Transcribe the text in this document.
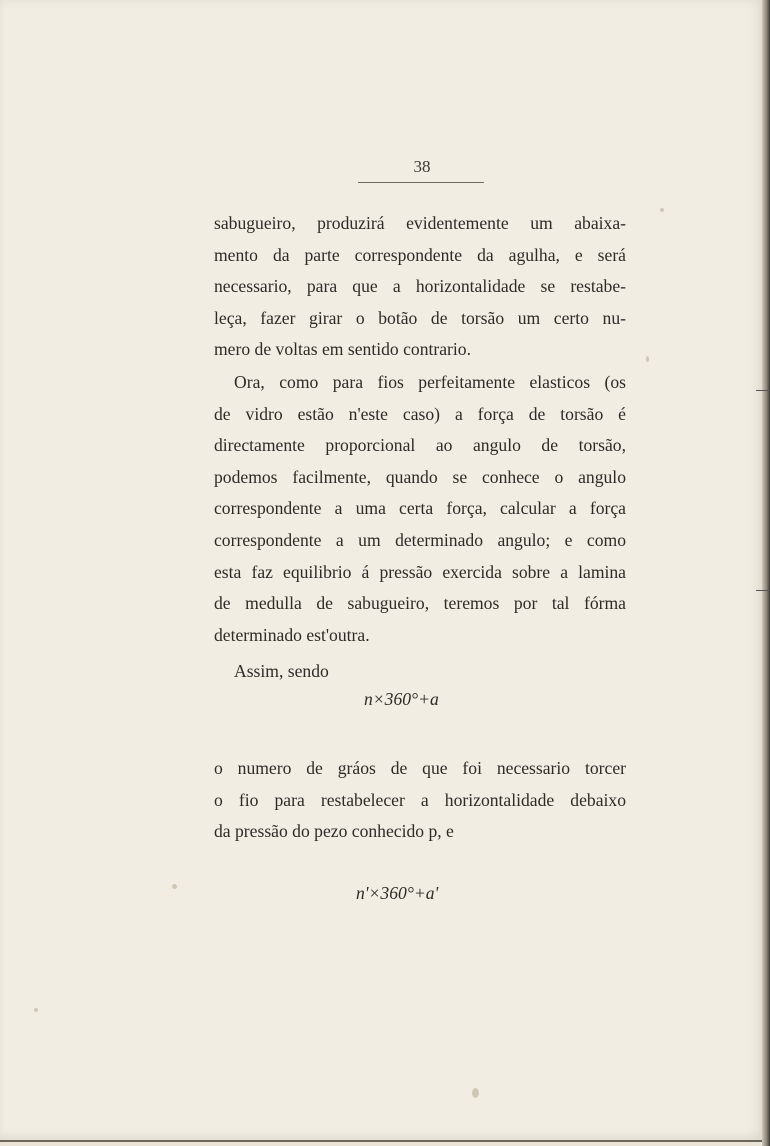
38

sabugueiro, produzirá evidentemente um abaixa-
mento da parte correspondente da agulha, e será
necessario, para que a horizontalidade se restabe-
leça, fazer girar o botão de torsão um certo nu-
mero de voltas em sentido contrario.
Ora, como para fios perfeitamente elasticos (os
de vidro estão n'este caso) a força de torsão é
directamente proporcional ao angulo de torsão,
podemos facilmente, quando se conhece o angulo
correspondente a uma certa força, calcular a força
correspondente a um determinado angulo; e como
esta faz equilibrio á pressão exercida sobre a lamina
de medulla de sabugueiro, teremos por tal fórma
determinado est'outra.
Assim, sendo
n×360°+a
o numero de gráos de que foi necessario torcer
o fio para restabelecer a horizontalidade debaixo
da pressão do pezo conhecido p, e
n'×360°+a'
